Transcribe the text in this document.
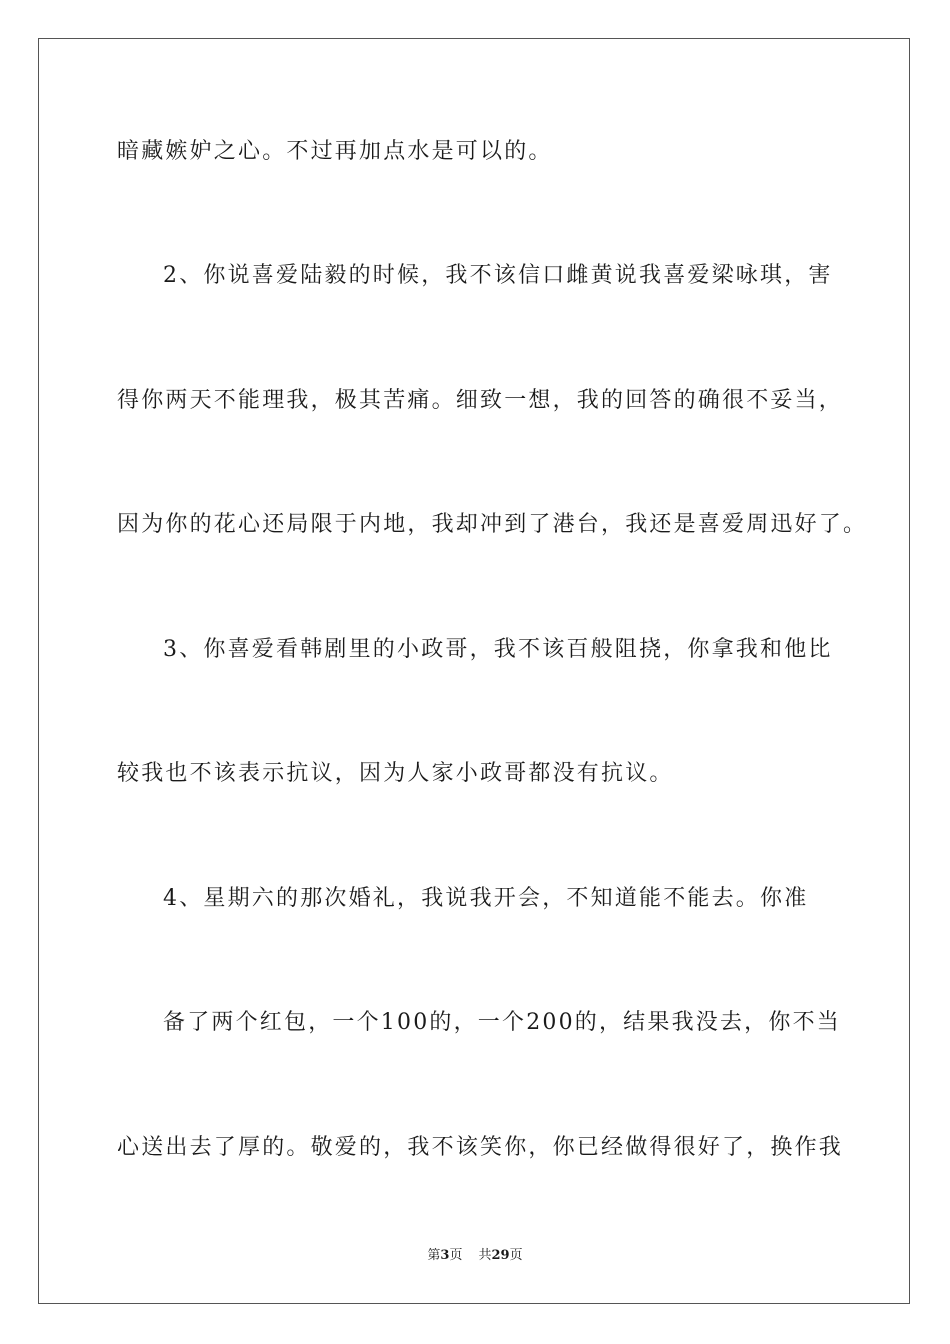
暗藏嫉妒之心。不过再加点水是可以的。
2、你说喜爱陆毅的时候，我不该信口雌黄说我喜爱梁咏琪，害
得你两天不能理我，极其苦痛。细致一想，我的回答的确很不妥当，
因为你的花心还局限于内地，我却冲到了港台，我还是喜爱周迅好了。
3、你喜爱看韩剧里的小政哥，我不该百般阻挠，你拿我和他比
较我也不该表示抗议，因为人家小政哥都没有抗议。
4、星期六的那次婚礼，我说我开会，不知道能不能去。你准
备了两个红包，一个100的，一个200的，结果我没去，你不当
心送出去了厚的。敬爱的，我不该笑你，你已经做得很好了，换作我
第3页 共29页
